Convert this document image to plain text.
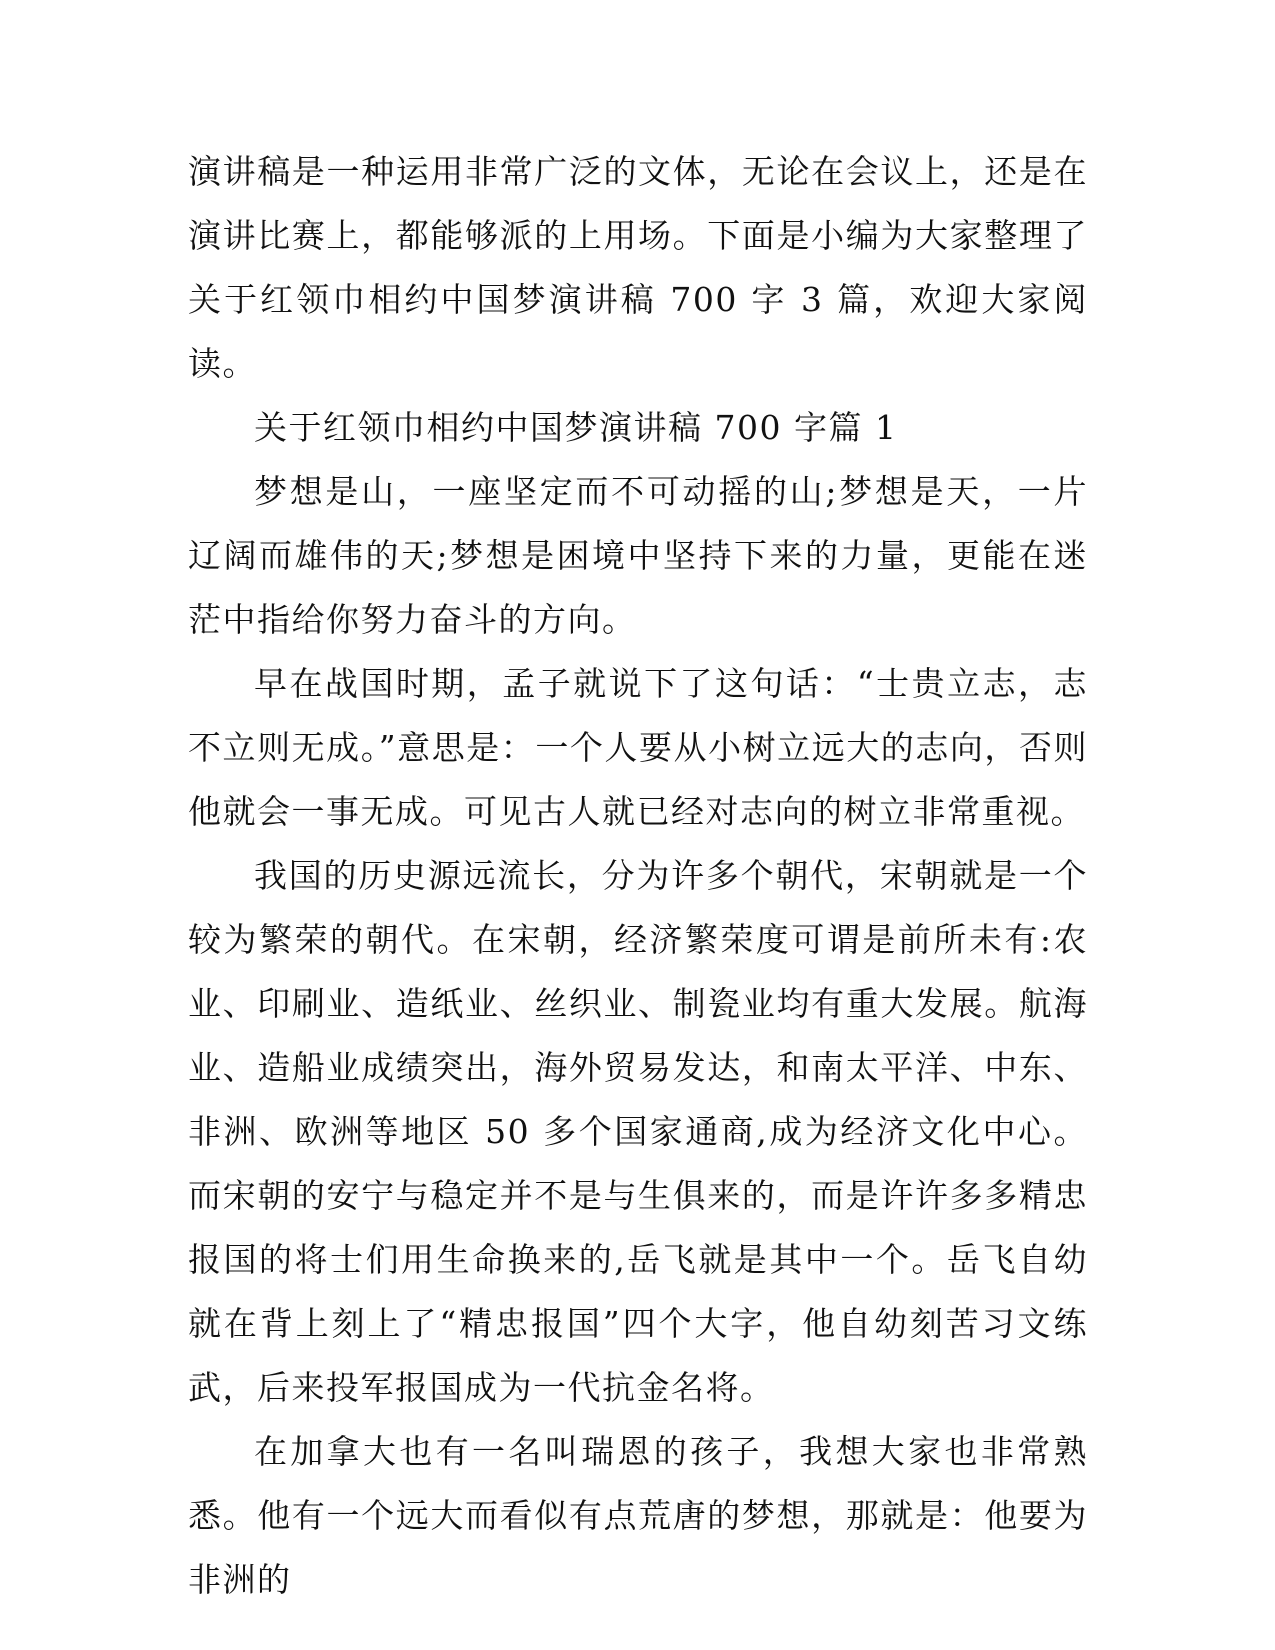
演讲稿是一种运用非常广泛的文体，无论在会议上，还是在演讲比赛上，都能够派的上用场。下面是小编为大家整理了关于红领巾相约中国梦演讲稿 700 字 3 篇，欢迎大家阅读。

关于红领巾相约中国梦演讲稿 700 字篇 1

梦想是山，一座坚定而不可动摇的山;梦想是天，一片辽阔而雄伟的天;梦想是困境中坚持下来的力量，更能在迷茫中指给你努力奋斗的方向。

早在战国时期，孟子就说下了这句话：“士贵立志，志不立则无成。”意思是：一个人要从小树立远大的志向，否则他就会一事无成。可见古人就已经对志向的树立非常重视。

我国的历史源远流长，分为许多个朝代，宋朝就是一个较为繁荣的朝代。在宋朝，经济繁荣度可谓是前所未有:农业、印刷业、造纸业、丝织业、制瓷业均有重大发展。航海业、造船业成绩突出，海外贸易发达，和南太平洋、中东、非洲、欧洲等地区 50 多个国家通商,成为经济文化中心。而宋朝的安宁与稳定并不是与生俱来的，而是许许多多精忠报国的将士们用生命换来的,岳飞就是其中一个。岳飞自幼就在背上刻上了“精忠报国”四个大字，他自幼刻苦习文练武，后来投军报国成为一代抗金名将。

在加拿大也有一名叫瑞恩的孩子，我想大家也非常熟悉。他有一个远大而看似有点荒唐的梦想，那就是：他要为非洲的
